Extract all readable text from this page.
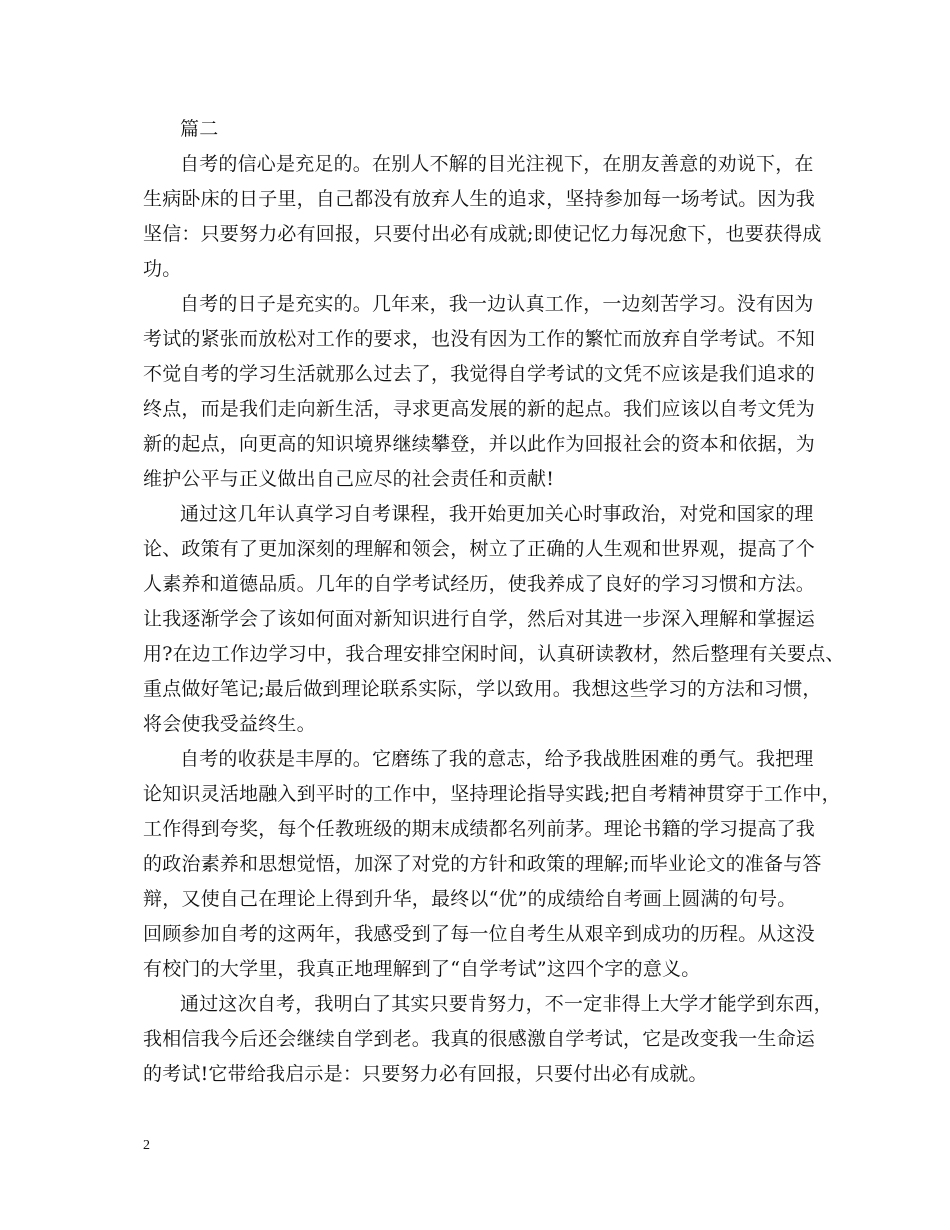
篇二
自考的信心是充足的。在别人不解的目光注视下，在朋友善意的劝说下，在
生病卧床的日子里，自己都没有放弃人生的追求，坚持参加每一场考试。因为我
坚信：只要努力必有回报，只要付出必有成就;即使记忆力每况愈下，也要获得成
功。
自考的日子是充实的。几年来，我一边认真工作，一边刻苦学习。没有因为
考试的紧张而放松对工作的要求，也没有因为工作的繁忙而放弃自学考试。不知
不觉自考的学习生活就那么过去了，我觉得自学考试的文凭不应该是我们追求的
终点，而是我们走向新生活，寻求更高发展的新的起点。我们应该以自考文凭为
新的起点，向更高的知识境界继续攀登，并以此作为回报社会的资本和依据，为
维护公平与正义做出自己应尽的社会责任和贡献!
通过这几年认真学习自考课程，我开始更加关心时事政治，对党和国家的理
论、政策有了更加深刻的理解和领会，树立了正确的人生观和世界观，提高了个
人素养和道德品质。几年的自学考试经历，使我养成了良好的学习习惯和方法。
让我逐渐学会了该如何面对新知识进行自学，然后对其进一步深入理解和掌握运
用?在边工作边学习中，我合理安排空闲时间，认真研读教材，然后整理有关要点、
重点做好笔记;最后做到理论联系实际，学以致用。我想这些学习的方法和习惯，
将会使我受益终生。
自考的收获是丰厚的。它磨练了我的意志，给予我战胜困难的勇气。我把理
论知识灵活地融入到平时的工作中，坚持理论指导实践;把自考精神贯穿于工作中，
工作得到夸奖，每个任教班级的期末成绩都名列前茅。理论书籍的学习提高了我
的政治素养和思想觉悟，加深了对党的方针和政策的理解;而毕业论文的准备与答
辩，又使自己在理论上得到升华，最终以“优”的成绩给自考画上圆满的句号。
回顾参加自考的这两年，我感受到了每一位自考生从艰辛到成功的历程。从这没
有校门的大学里，我真正地理解到了“自学考试”这四个字的意义。
通过这次自考，我明白了其实只要肯努力，不一定非得上大学才能学到东西，
我相信我今后还会继续自学到老。我真的很感激自学考试，它是改变我一生命运
的考试!它带给我启示是：只要努力必有回报，只要付出必有成就。
2
